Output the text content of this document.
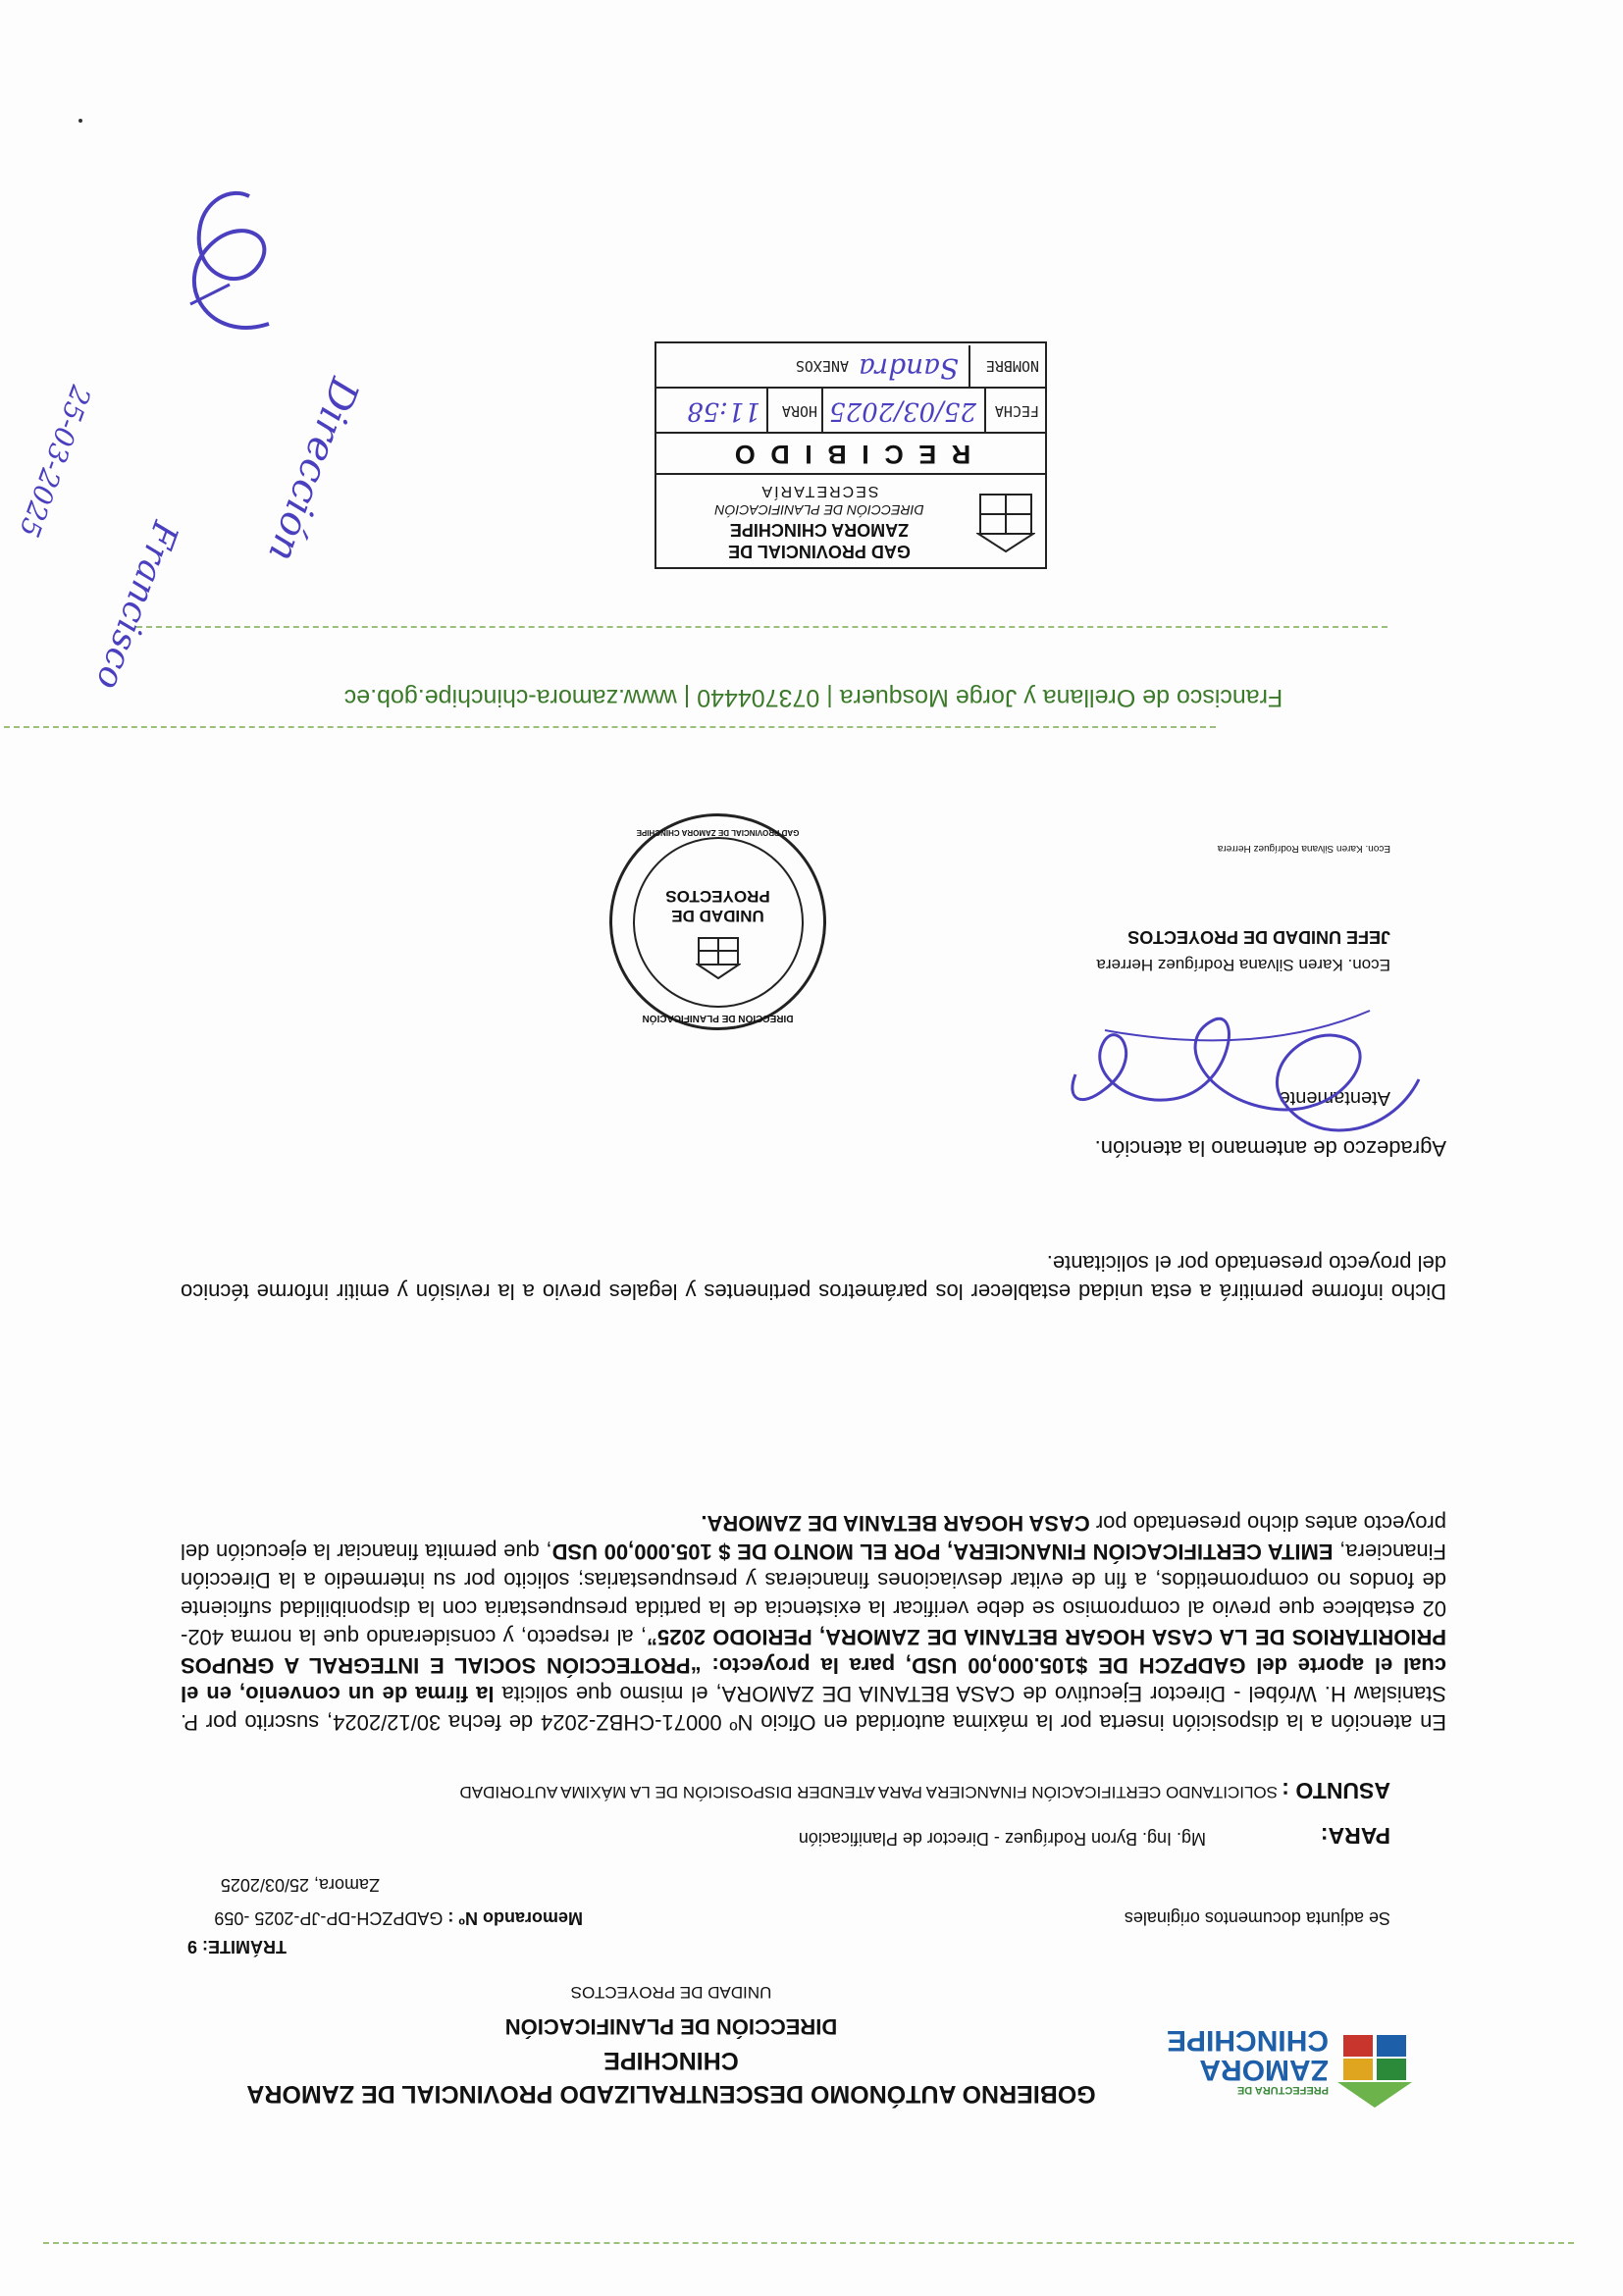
PREFECTURA DE
ZAMORA
CHINCHIPE
GOBIERNO AUTÓNOMO DESCENTRALIZADO PROVINCIAL DE ZAMORA
CHINCHIPE
DIRECCIÓN DE PLANIFICACIÓN
UNIDAD DE PROYECTOS
TRÁMITE: 9
Se adjunta documentos originales
Memorando Nº : GADPZCH-DP-JP-2025 -059
Zamora, 25/03/2025
PARA:
Mg. Ing. Byron Rodríguez - Director de Planificación
ASUNTO :
SOLICITANDO CERTIFICACIÓN FINANCIERA PARA ATENDER DISPOSICIÓN DE LA MÁXIMA AUTORIDAD
En atención a la disposición inserta por la máxima autoridad en Oficio Nº 00071-CHBZ-2024 de fecha 30/12/2024, suscrito por P. Stanislaw H. Wróbel - Director Ejecutivo de CASA BETANIA DE ZAMORA, el mismo que solicita la firma de un convenio, en el cual el aporte del GADPZCH DE $105.000,00 USD, para la proyecto: “PROTECCIÓN SOCIAL E INTEGRAL A GRUPOS PRIORITARIOS DE LA CASA HOGAR BETANIA DE ZAMORA, PERIODO 2025”, al respecto, y considerando que la norma 402-02 establece que previo al compromiso se debe verificar la existencia de la partida presupuestaria con la disponibilidad suficiente de fondos no comprometidos, a fin de evitar desviaciones financieras y presupuestarias; solicito por su intermedio a la Dirección Financiera, EMITA CERTIFICACIÓN FINANCIERA, POR EL MONTO DE $ 105.000,00 USD, que permita financiar la ejecución del proyecto antes dicho presentado por CASA HOGAR BETANIA DE ZAMORA.
Dicho informe permitirá a esta unidad establecer los parámetros pertinentes y legales previo a la revisión y emitir informe técnico del proyecto presentado por el solicitante.
Agradezco de antemano la atención.
Atentamente
Econ. Karen Silvana Rodríguez Herrera
JEFE UNIDAD DE PROYECTOS
Econ. Karen Silvana Rodríguez Herrera
DIRECCIÓN DE PLANIFICACIÓN
UNIDAD DE
PROYECTOS
GAD PROVINCIAL DE ZAMORA CHINCHIPE
Francisco de Orellana y Jorge Mosquera | 073704440 | www.zamora-chinchipe.gob.ec
GAD PROVINCIAL DE
ZAMORA CHINCHIPE
DIRECCIÓN DE PLANIFICACIÓN
SECRETARÍA
R E C I B I D O
FECHA
25/03/2025
HORA
11:58
NOMBRE
Sandra
ANEXOS
Francisco
Dirección
25-03-2025
